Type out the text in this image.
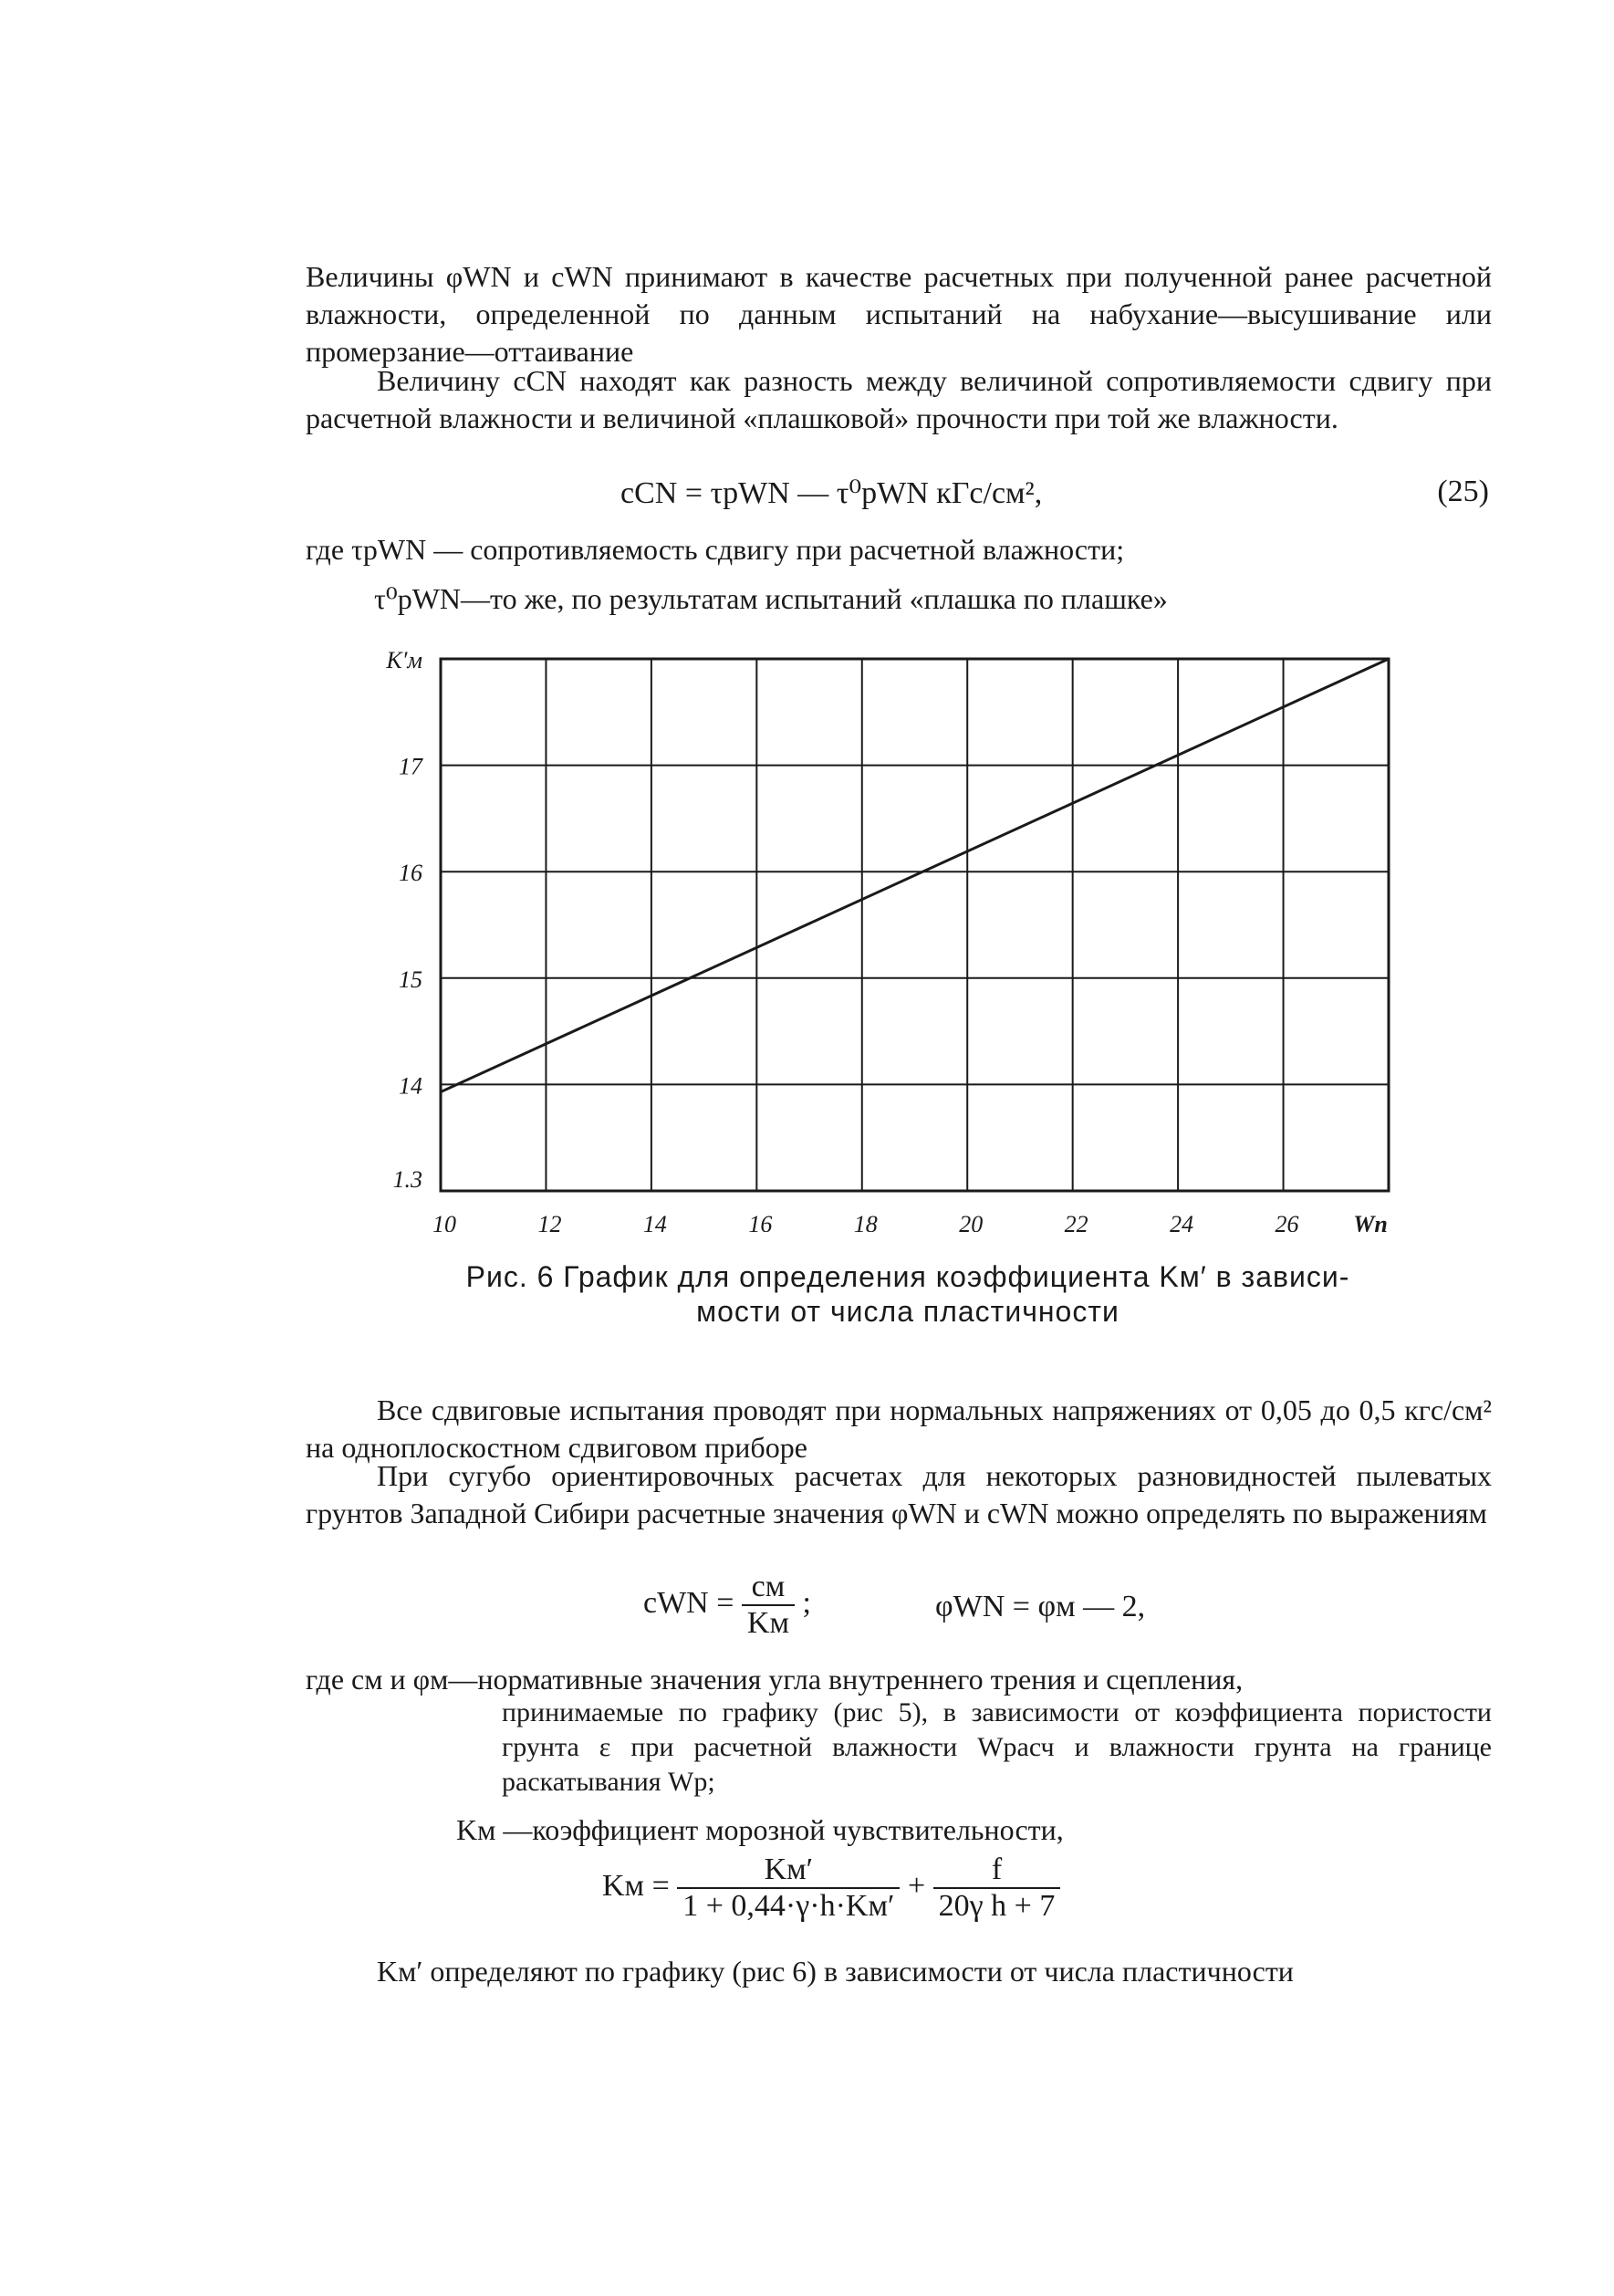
Величины φWN и cWN принимают в качестве расчетных при полученной ранее расчетной влажности, определенной по данным испытаний на набухание—высушивание или промерзание—оттаивание

Величину cCN находят как разность между величиной сопротивляемости сдвигу при расчетной влажности и величиной «плашковой» прочности при той же влажности.

cCN = τpWN — τ⁰pWN кГс/см²,	(25)
где τpWN — сопротивляемость сдвигу при расчетной влажности;
τ⁰pWN—то же, по результатам испытаний «плашка по плашке»
10	12	14	16	18	20	22	24	26 Wn
1.3
14
15
16
17
K′м
Рис. 6 График для определения коэффициента Kм′ в зависи-
мости от числа пластичности

Все сдвиговые испытания проводят при нормальных напряжениях от 0,05 до 0,5 кгс/см² на одноплоскостном сдвиговом приборе

При сугубо ориентировочных расчетах для некоторых разновидностей пылеватых грунтов Западной Сибири расчетные значения φWN и cWN можно определять по выражениям

cWN = $\frac{cм}{Kм}$ ;	φWN = φм — 2,
где cм и φм—нормативные значения угла внутреннего трения и сцепления,
принимаемые по графику (рис 5), в зависимости от коэффициента пористости грунта ε при расчетной влажности Wрасч и влажности грунта на границе раскатывания Wр;
Kм —коэффициент морозной чувствительности,
Kм = $\frac{Kм'}{1 + 0,44\cdot\gamma\cdot h\cdot Kм'} + \frac{f}{\text{20γ h + 7}}$

Kм′ определяют по графику (рис 6) в зависимости от числа пластичности
